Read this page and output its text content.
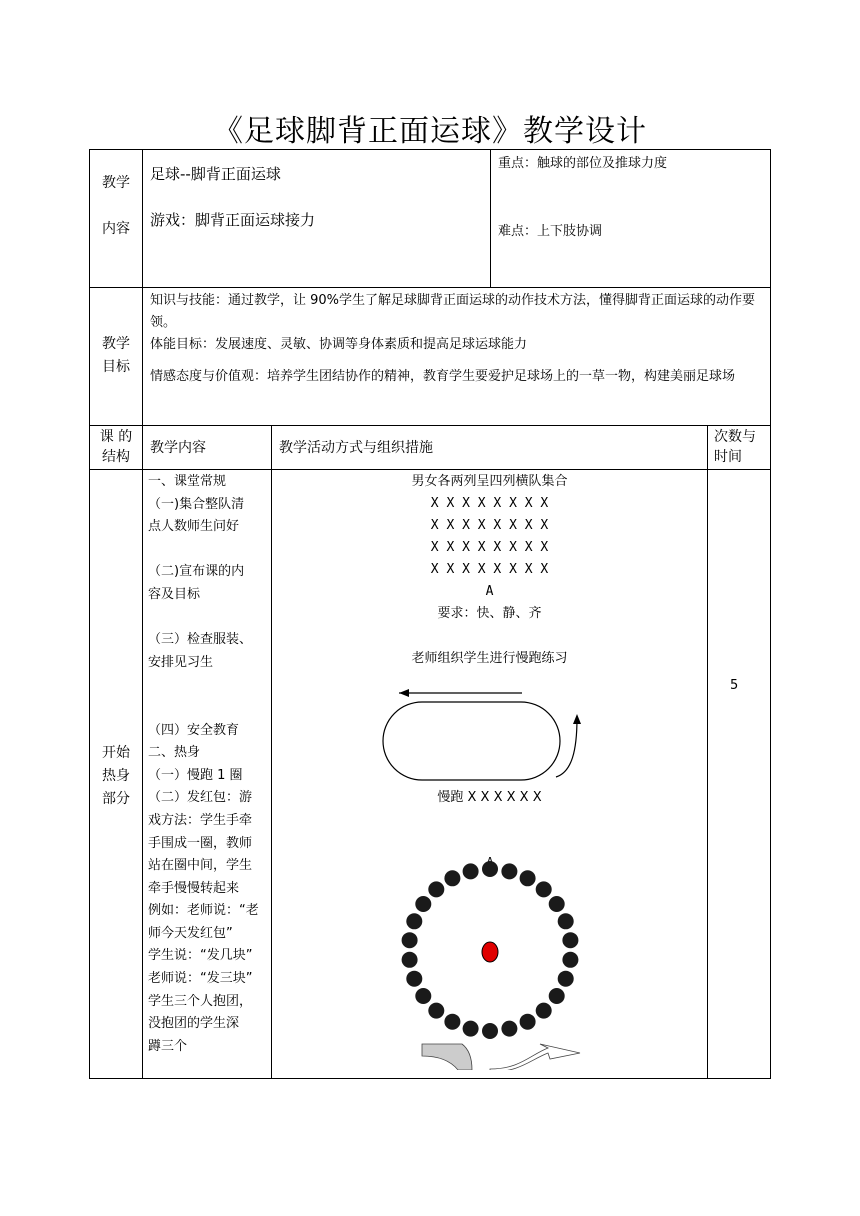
《足球脚背正面运球》教学设计
教学
内容
足球--脚背正面运球
游戏：脚背正面运球接力
重点：触球的部位及推球力度
难点：上下肢协调
教学
目标
知识与技能：通过教学，让 90%学生了解足球脚背正面运球的动作技术方法，懂得脚背正面运球的动作要领。
体能目标：发展速度、灵敏、协调等身体素质和提高足球运球能力
情感态度与价值观：培养学生团结协作的精神，教育学生要爱护足球场上的一草一物，构建美丽足球场
课 的
结构
教学内容	教学活动方式与组织措施
次数与
时间
开始
热身
部分
一、课堂常规
（一)集合整队清
点人数师生问好
（二)宣布课的内
容及目标
（三）检查服装、
安排见习生
（四）安全教育
二、热身
（一）慢跑 1 圈
（二）发红包：游
戏方法：学生手牵
手围成一圈，教师
站在圈中间，学生
牵手慢慢转起来
例如：老师说：“老
师今天发红包”
学生说：“发几块”
老师说：“发三块”
学生三个人抱团，
没抱团的学生深
蹲三个
男女各两列呈四列横队集合
X X X X X X X X
X X X X X X X X
X X X X X X X X
X X X X X X X X
A
要求：快、静、齐
老师组织学生进行慢跑练习
慢跑 X X X X X X
5
